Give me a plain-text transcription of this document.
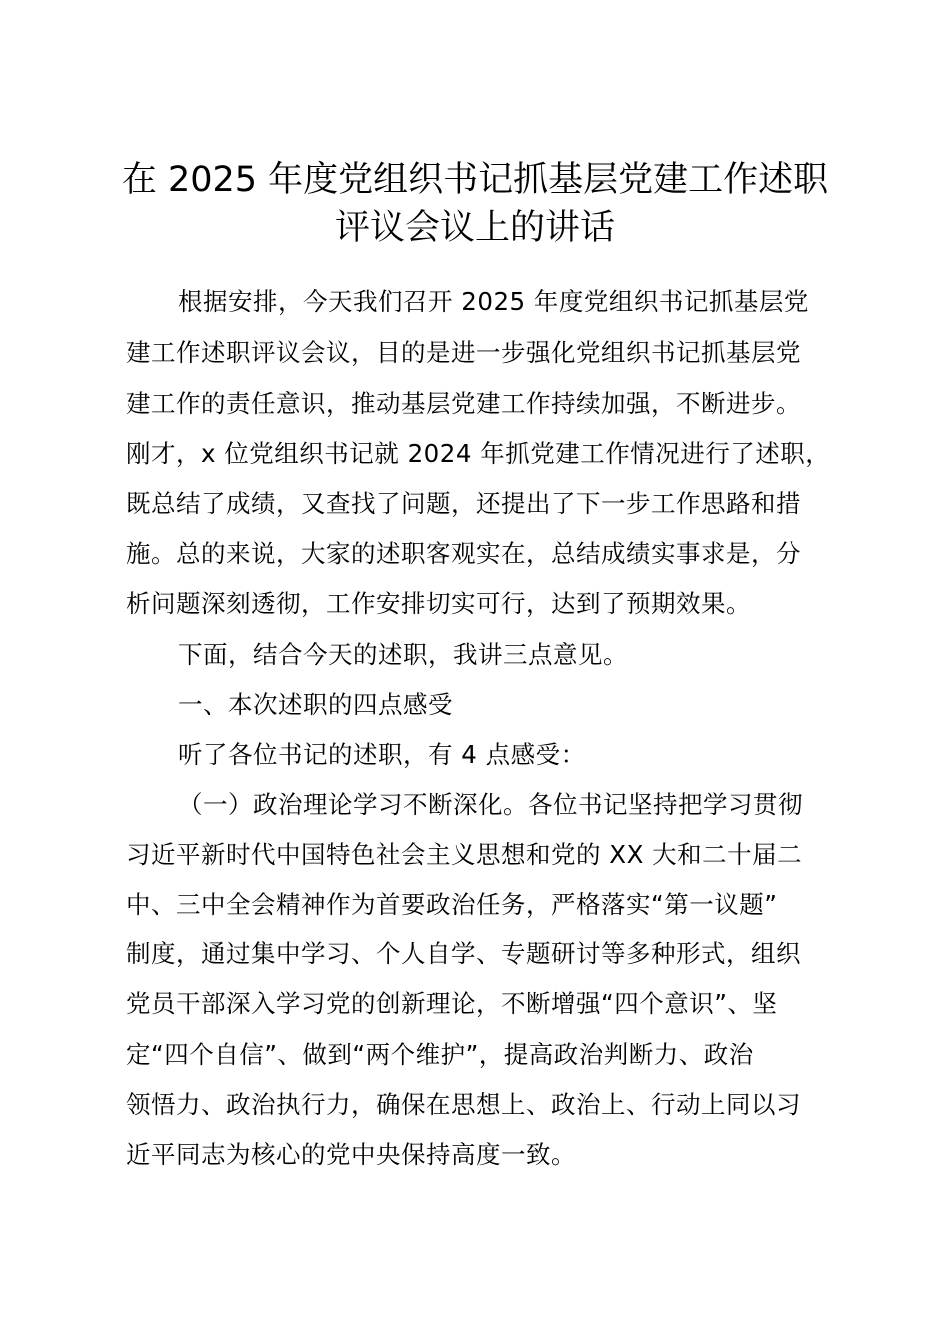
在 2025 年度党组织书记抓基层党建工作述职
评议会议上的讲话
根据安排，今天我们召开 2025 年度党组织书记抓基层党
建工作述职评议会议，目的是进一步强化党组织书记抓基层党
建工作的责任意识，推动基层党建工作持续加强，不断进步。
刚才，x 位党组织书记就 2024 年抓党建工作情况进行了述职，
既总结了成绩，又查找了问题，还提出了下一步工作思路和措
施。总的来说，大家的述职客观实在，总结成绩实事求是，分
析问题深刻透彻，工作安排切实可行，达到了预期效果。
下面，结合今天的述职，我讲三点意见。
一、本次述职的四点感受
听了各位书记的述职，有 4 点感受：
（一）政治理论学习不断深化。各位书记坚持把学习贯彻
习近平新时代中国特色社会主义思想和党的 XX 大和二十届二
中、三中全会精神作为首要政治任务，严格落实“第一议题”
制度，通过集中学习、个人自学、专题研讨等多种形式，组织
党员干部深入学习党的创新理论，不断增强“四个意识”、坚
定“四个自信”、做到“两个维护”，提高政治判断力、政治
领悟力、政治执行力，确保在思想上、政治上、行动上同以习
近平同志为核心的党中央保持高度一致。
